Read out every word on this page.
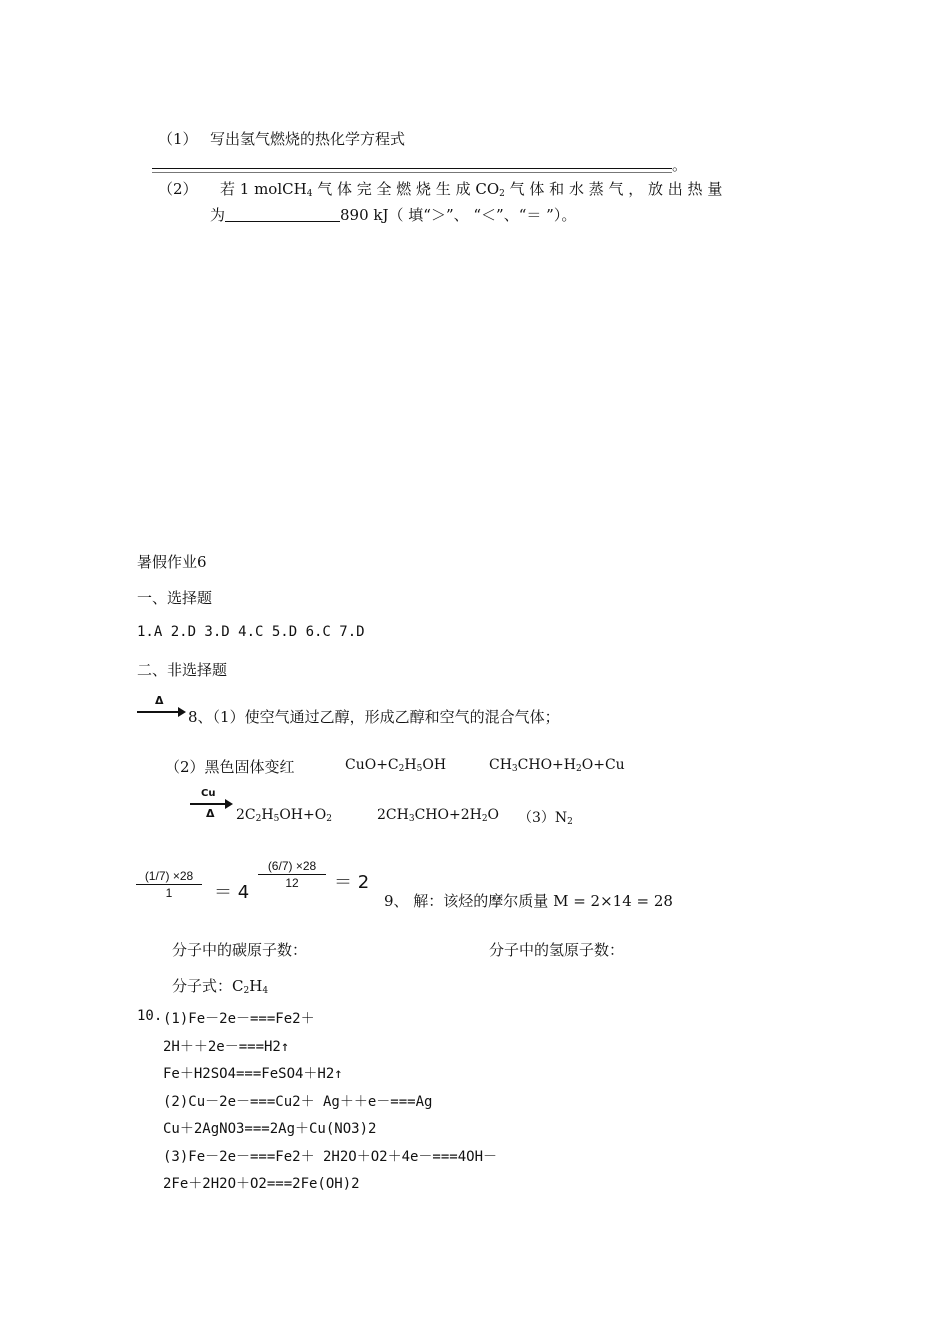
（1） 写出氢气燃烧的热化学方程式
。
（2） 若 1 molCH$_4$ 气 体 完 全 燃 烧 生 成 $CO_2$ 气 体 和 水 蒸 气 ， 放 出 热 量
为	890 kJ（ 填“＞”、 “＜”、“＝ ”）。
暑假作业6
一、选择题
1.A 2.D 3.D 4.C 5.D 6.C 7.D
二、非选择题
Δ
8、（1）使空气通过乙醇，形成乙醇和空气的混合气体；
（2）黑色固体变红	$CuO+C_2H_5OH$	$CH_3CHO+H_2O+Cu$
Cu
Δ $2C_2H_5OH+O_2$	$2CH_3CHO+2H_2O$ $(3)N_2$
(1/7) ×28
1	＝ 4
(6/7) ×28
12	＝ 2
9、 解：该烃的摩尔质量 M = 2×14 = 28
分子中的碳原子数：	分子中的氢原子数：
分子式：$C_2H_4$
10. (1)Fe－2e－===Fe2＋
2H＋＋2e－===H2↑
Fe＋H2SO4===FeSO4＋H2↑
(2)Cu－2e－===Cu2＋ Ag＋＋e－===Ag
Cu＋2AgNO3===2Ag＋Cu(NO3)2
(3)Fe－2e－===Fe2＋ 2H2O＋O2＋4e－===4OH－
2Fe＋2H2O＋O2===2Fe(OH)2
